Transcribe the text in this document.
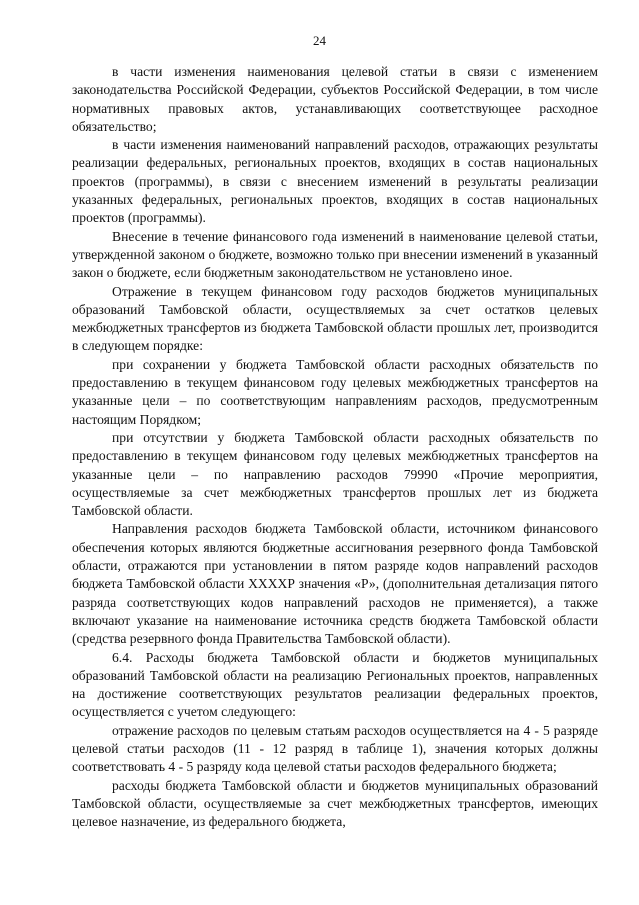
24

в части изменения наименования целевой статьи в связи с изменением законодательства Российской Федерации, субъектов Российской Федерации, в том числе нормативных правовых актов, устанавливающих соответствующее расходное обязательство;

в части изменения наименований направлений расходов, отражающих результаты реализации федеральных, региональных проектов, входящих в состав национальных проектов (программы), в связи с внесением изменений в результаты реализации указанных федеральных, региональных проектов, входящих в состав национальных проектов (программы).

Внесение в течение финансового года изменений в наименование целевой статьи, утвержденной законом о бюджете, возможно только при внесении изменений в указанный закон о бюджете, если бюджетным законодательством не установлено иное.

Отражение в текущем финансовом году расходов бюджетов муниципальных образований Тамбовской области, осуществляемых за счет остатков целевых межбюджетных трансфертов из бюджета Тамбовской области прошлых лет, производится в следующем порядке:

при сохранении у бюджета Тамбовской области расходных обязательств по предоставлению в текущем финансовом году целевых межбюджетных трансфертов на указанные цели – по соответствующим направлениям расходов, предусмотренным настоящим Порядком;

при отсутствии у бюджета Тамбовской области расходных обязательств по предоставлению в текущем финансовом году целевых межбюджетных трансфертов на указанные цели – по направлению расходов 79990 «Прочие мероприятия, осуществляемые за счет межбюджетных трансфертов прошлых лет из бюджета Тамбовской области.

Направления расходов бюджета Тамбовской области, источником финансового обеспечения которых являются бюджетные ассигнования резервного фонда Тамбовской области, отражаются при установлении в пятом разряде кодов направлений расходов бюджета Тамбовской области XXXXР значения «Р», (дополнительная детализация пятого разряда соответствующих кодов направлений расходов не применяется), а также включают указание на наименование источника средств бюджета Тамбовской области (средства резервного фонда Правительства Тамбовской области).

6.4. Расходы бюджета Тамбовской области и бюджетов муниципальных образований Тамбовской области на реализацию Региональных проектов, направленных на достижение соответствующих результатов реализации федеральных проектов, осуществляется с учетом следующего:

отражение расходов по целевым статьям расходов осуществляется на 4 - 5 разряде целевой статьи расходов (11 - 12 разряд в таблице 1), значения которых должны соответствовать 4 - 5 разряду кода целевой статьи расходов федерального бюджета;

расходы бюджета Тамбовской области и бюджетов муниципальных образований Тамбовской области, осуществляемые за счет межбюджетных трансфертов, имеющих целевое назначение, из федерального бюджета,
